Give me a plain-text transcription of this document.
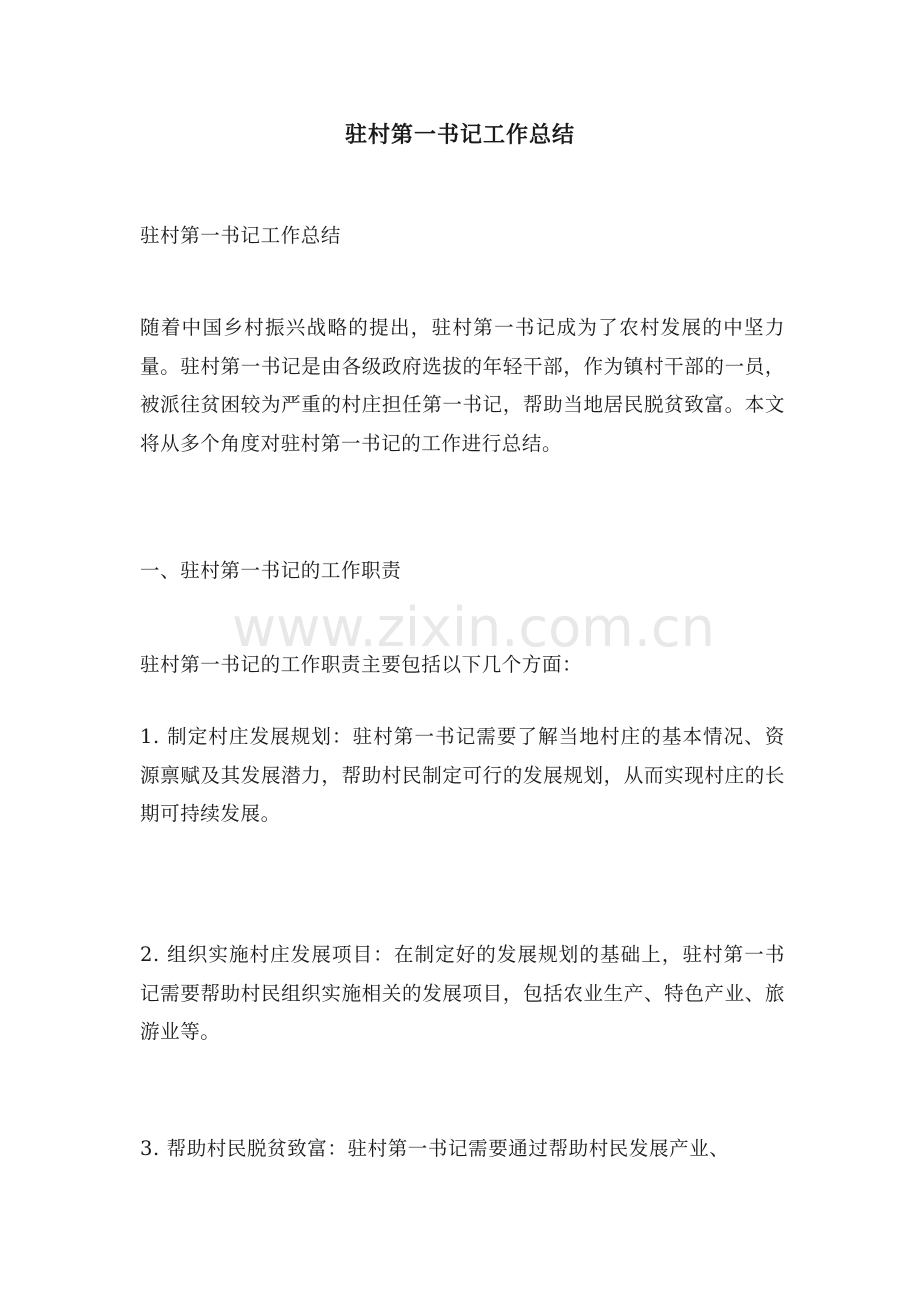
驻村第一书记工作总结

驻村第一书记工作总结

随着中国乡村振兴战略的提出，驻村第一书记成为了农村发展的中坚力量。驻村第一书记是由各级政府选拔的年轻干部，作为镇村干部的一员，被派往贫困较为严重的村庄担任第一书记，帮助当地居民脱贫致富。本文将从多个角度对驻村第一书记的工作进行总结。

一、驻村第一书记的工作职责

www.zixin.com.cn

驻村第一书记的工作职责主要包括以下几个方面：

1. 制定村庄发展规划：驻村第一书记需要了解当地村庄的基本情况、资源禀赋及其发展潜力，帮助村民制定可行的发展规划，从而实现村庄的长期可持续发展。

2. 组织实施村庄发展项目：在制定好的发展规划的基础上，驻村第一书记需要帮助村民组织实施相关的发展项目，包括农业生产、特色产业、旅游业等。

3. 帮助村民脱贫致富：驻村第一书记需要通过帮助村民发展产业、
